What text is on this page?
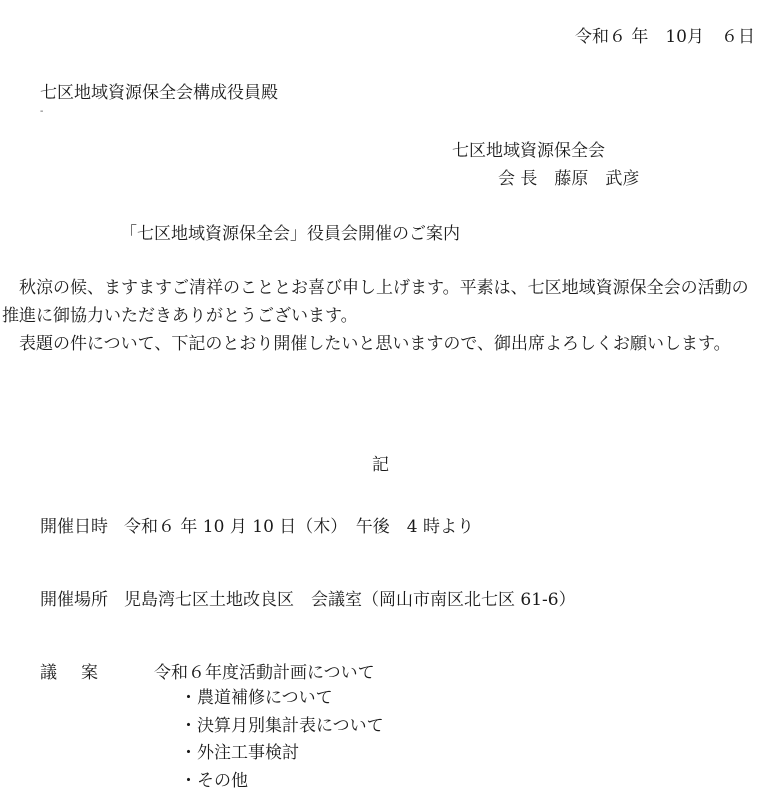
令和６ 年　10月　６日
七区地域資源保全会構成役員殿
-
七区地域資源保全会
会 長　藤原　武彦
「七区地域資源保全会」役員会開催のご案内

　秋涼の候、ますますご清祥のこととお喜び申し上げます。平素は、七区地域資源保全会の活動の推進に御協力いただきありがとうございます。

　表題の件について、下記のとおり開催したいと思いますので、御出席よろしくお願いします。

記
開催日時 令和６ 年 10 月 10 日（木）　午後　4 時より
開催場所 児島湾七区土地改良区　会議室（岡山市南区北七区 61-6）
議案 令和６年度活動計画について
・農道補修について
・決算月別集計表について
・外注工事検討
・その他
